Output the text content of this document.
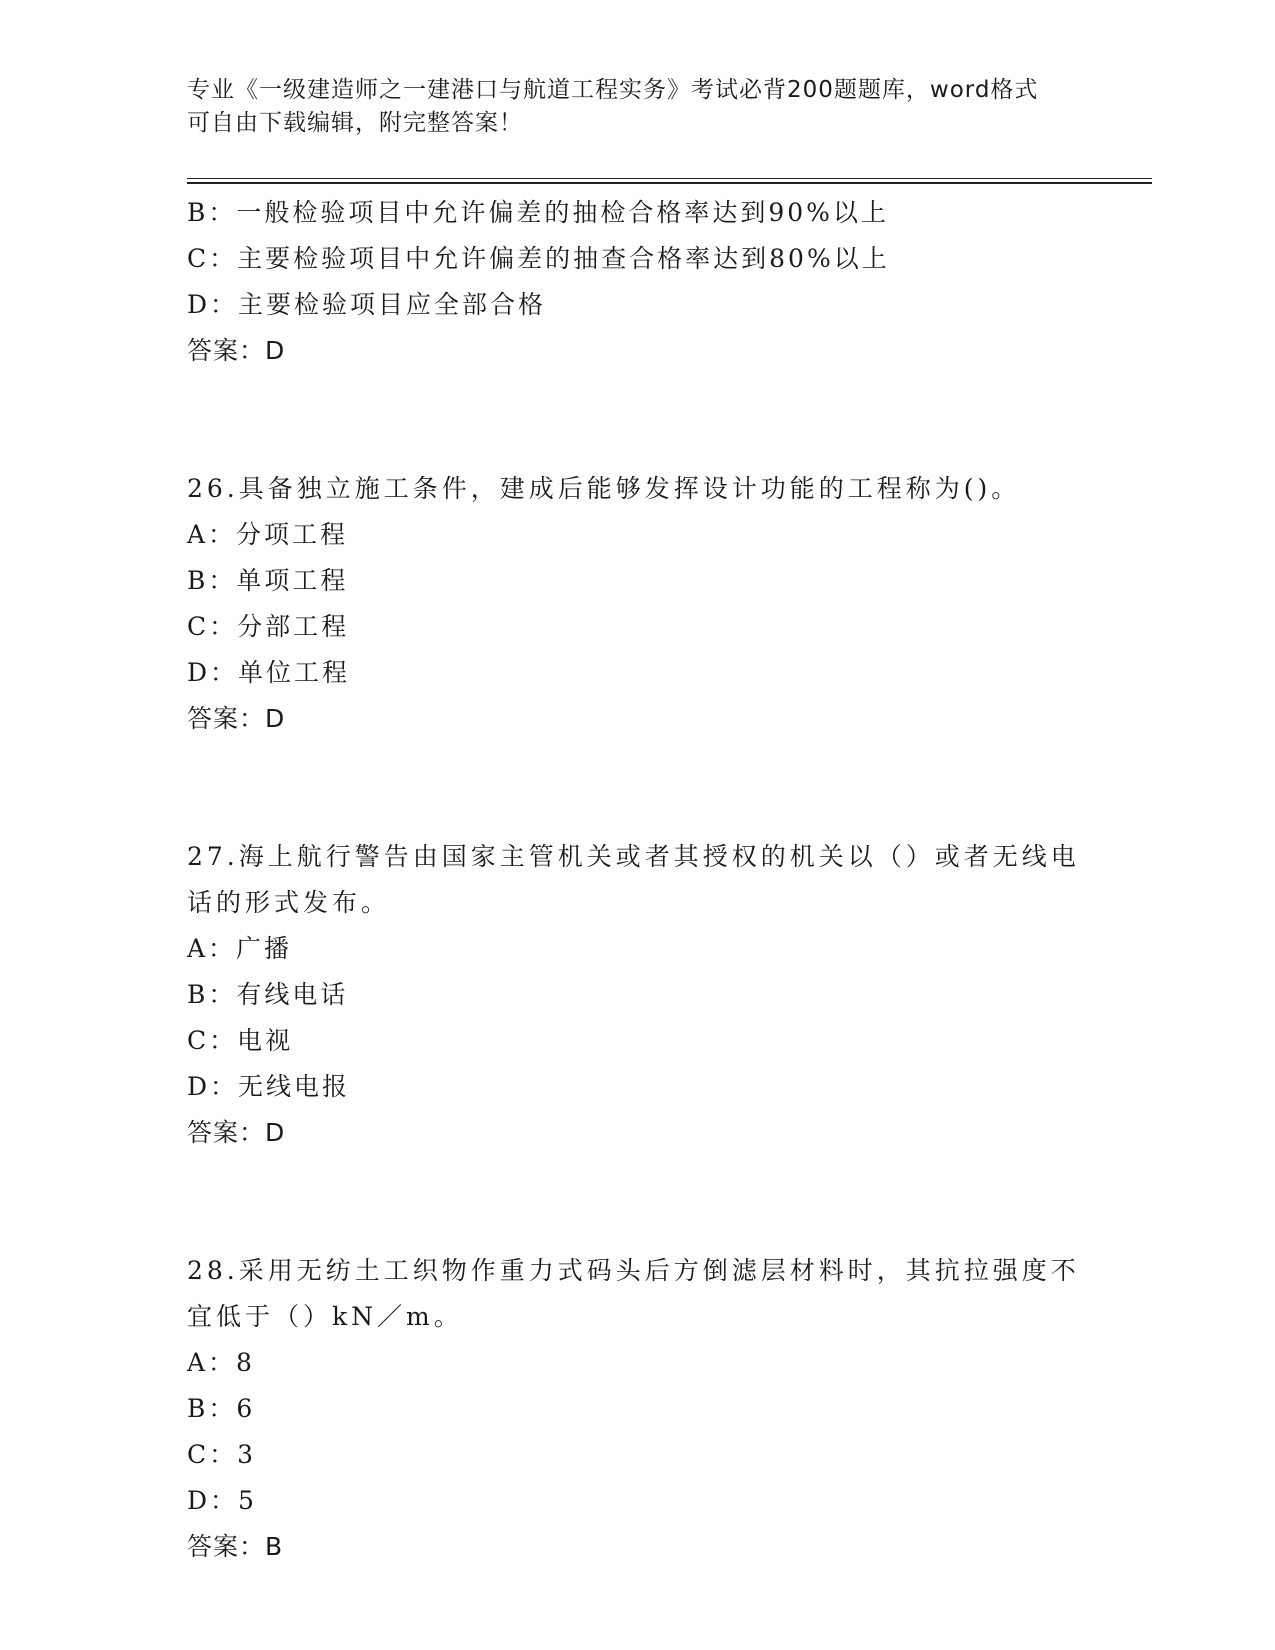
专业《一级建造师之一建港口与航道工程实务》考试必背200题题库，word格式
可自由下载编辑，附完整答案！
B：一般检验项目中允许偏差的抽检合格率达到90%以上
C：主要检验项目中允许偏差的抽查合格率达到80%以上
D：主要检验项目应全部合格
答案：D
26.具备独立施工条件，建成后能够发挥设计功能的工程称为()。
A：分项工程
B：单项工程
C：分部工程
D：单位工程
答案：D
27.海上航行警告由国家主管机关或者其授权的机关以（）或者无线电话的形式发布。
A：广播
B：有线电话
C：电视
D：无线电报
答案：D
28.采用无纺土工织物作重力式码头后方倒滤层材料时，其抗拉强度不宜低于（）kN／m。
A：8
B：6
C：3
D：5
答案：B
